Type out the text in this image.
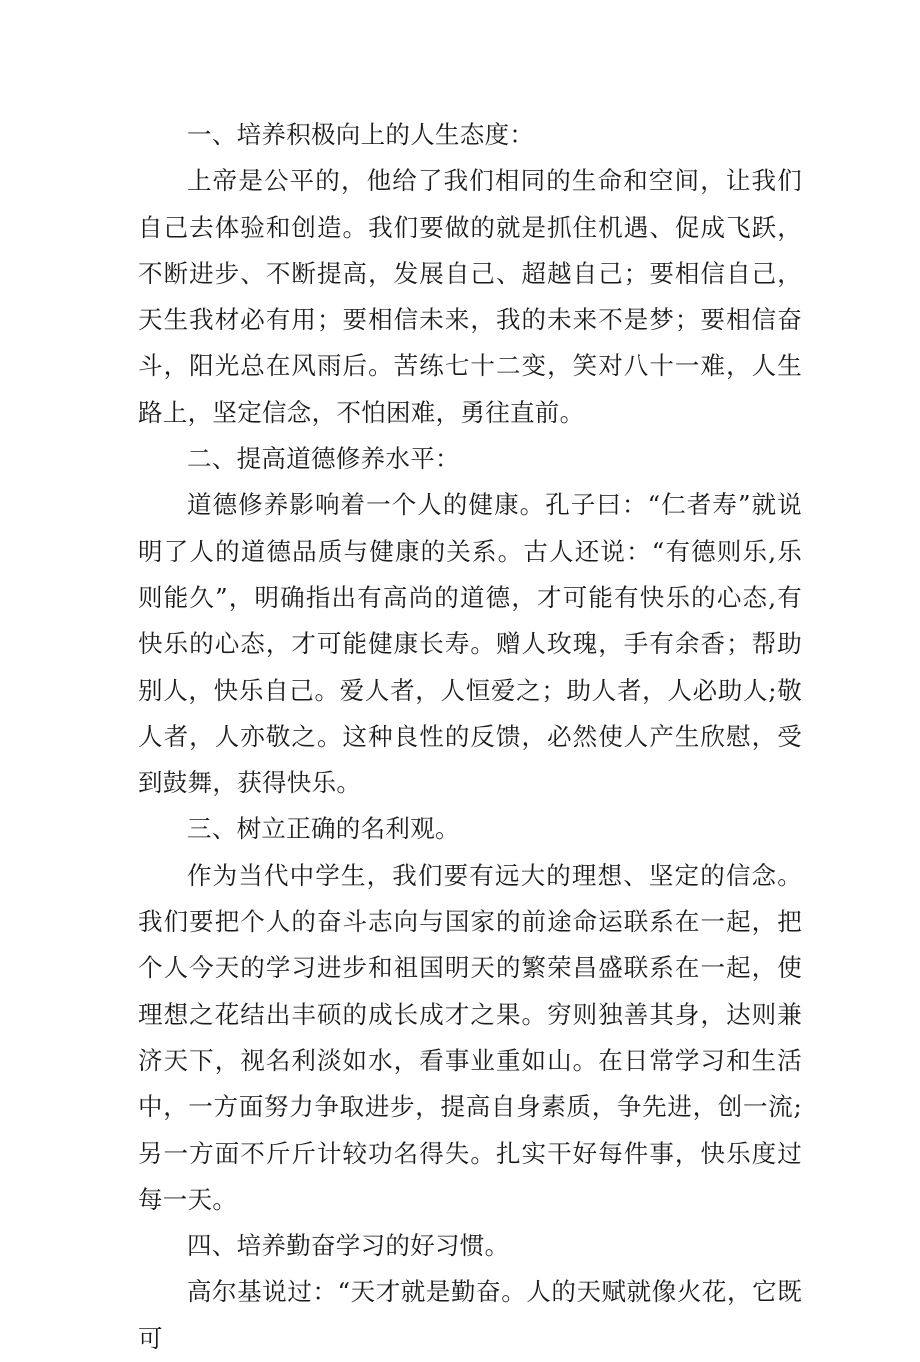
一、培养积极向上的人生态度：

上帝是公平的，他给了我们相同的生命和空间，让我们自己去体验和创造。我们要做的就是抓住机遇、促成飞跃，不断进步、不断提高，发展自己、超越自己；要相信自己，天生我材必有用；要相信未来，我的未来不是梦；要相信奋斗，阳光总在风雨后。苦练七十二变，笑对八十一难，人生路上，坚定信念，不怕困难，勇往直前。

二、提高道德修养水平：

道德修养影响着一个人的健康。孔子曰：“仁者寿”就说明了人的道德品质与健康的关系。古人还说：“有德则乐,乐则能久”，明确指出有高尚的道德，才可能有快乐的心态,有快乐的心态，才可能健康长寿。赠人玫瑰，手有余香；帮助别人，快乐自己。爱人者，人恒爱之；助人者，人必助人;敬人者，人亦敬之。这种良性的反馈，必然使人产生欣慰，受到鼓舞，获得快乐。

三、树立正确的名利观。

作为当代中学生，我们要有远大的理想、坚定的信念。我们要把个人的奋斗志向与国家的前途命运联系在一起，把个人今天的学习进步和祖国明天的繁荣昌盛联系在一起，使理想之花结出丰硕的成长成才之果。穷则独善其身，达则兼济天下，视名利淡如水，看事业重如山。在日常学习和生活中，一方面努力争取进步，提高自身素质，争先进，创一流;另一方面不斤斤计较功名得失。扎实干好每件事，快乐度过每一天。

四、培养勤奋学习的好习惯。

高尔基说过：“天才就是勤奋。人的天赋就像火花，它既可
